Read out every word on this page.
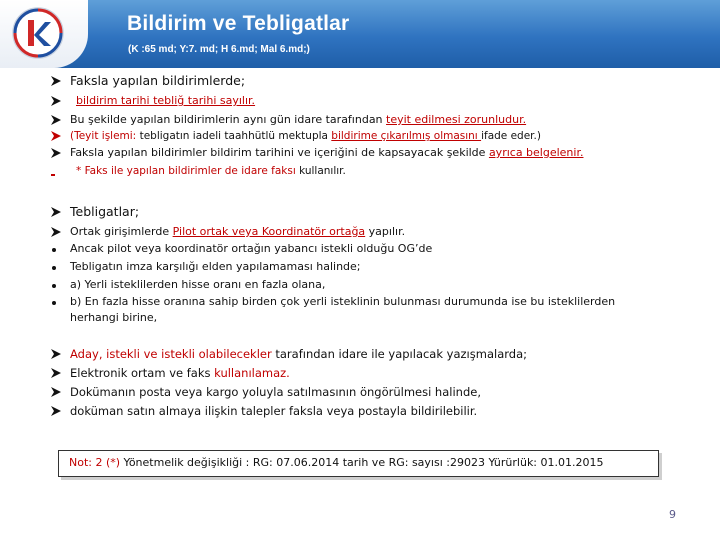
Bildirim ve Tebligatlar
(K :65 md; Y:7. md; H 6.md; Mal 6.md;)
Faksla yapılan bildirimlerde;
bildirim tarihi tebliğ tarihi sayılır.
Bu şekilde yapılan bildirimlerin aynı gün idare tarafından teyit edilmesi zorunludur.
(Teyit işlemi: tebligatın iadeli taahhütlü mektupla bildirime çıkarılmış olmasını ifade eder.)
Faksla yapılan bildirimler bildirim tarihini ve içeriğini de kapsayacak şekilde ayrıca belgelenir.
* Faks ile yapılan bildirimler de idare faksı kullanılır.
Tebligatlar;
Ortak girişimlerde Pilot ortak veya Koordinatör ortağa yapılır.
Ancak pilot veya koordinatör ortağın yabancı istekli olduğu OG’de
Tebligatın imza karşılığı elden yapılamaması halinde;
a) Yerli isteklilerden hisse oranı en fazla olana,
b) En fazla hisse oranına sahip birden çok yerli isteklinin bulunması durumunda ise bu isteklilerden
herhangi birine,
Aday, istekli ve istekli olabilecekler tarafından idare ile yapılacak yazışmalarda;
Elektronik ortam ve faks kullanılamaz.
Dokümanın posta veya kargo yoluyla satılmasının öngörülmesi halinde,
doküman satın almaya ilişkin talepler faksla veya postayla bildirilebilir.
Not: 2 (*) Yönetmelik değişikliği : RG: 07.06.2014 tarih ve RG: sayısı :29023 Yürürlük: 01.01.2015
9
